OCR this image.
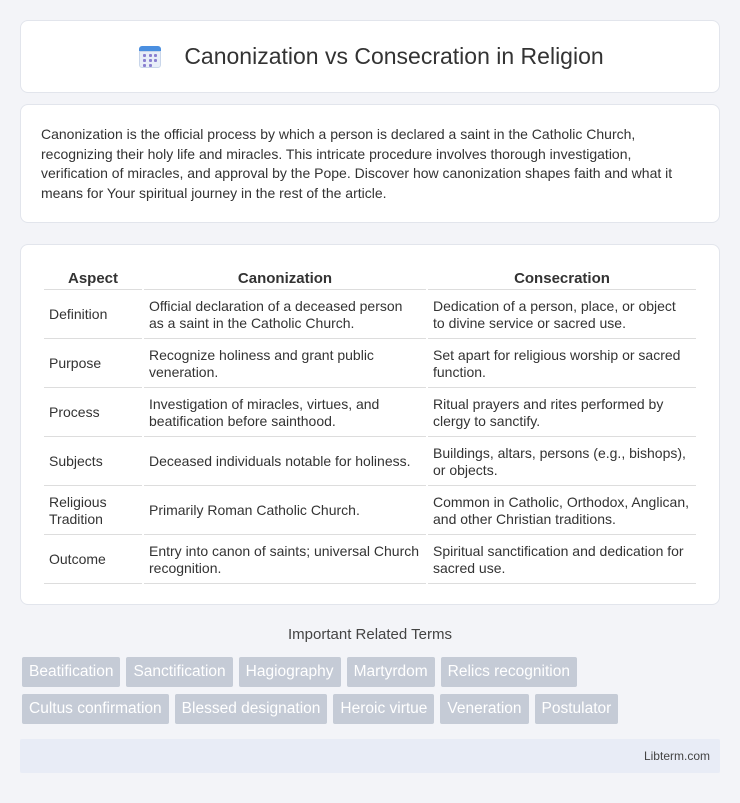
Canonization vs Consecration in Religion

Canonization is the official process by which a person is declared a saint in the Catholic Church, recognizing their holy life and miracles. This intricate procedure involves thorough investigation, verification of miracles, and approval by the Pope. Discover how canonization shapes faith and what it means for Your spiritual journey in the rest of the article.

Aspect	Canonization	Consecration
Definition	Official declaration of a deceased person as a saint in the Catholic Church.	Dedication of a person, place, or object to divine service or sacred use.
Purpose	Recognize holiness and grant public veneration.	Set apart for religious worship or sacred function.
Process	Investigation of miracles, virtues, and beatification before sainthood.	Ritual prayers and rites performed by clergy to sanctify.
Subjects	Deceased individuals notable for holiness.	Buildings, altars, persons (e.g., bishops), or objects.
Religious Tradition	Primarily Roman Catholic Church.	Common in Catholic, Orthodox, Anglican, and other Christian traditions.
Outcome	Entry into canon of saints; universal Church recognition.	Spiritual sanctification and dedication for sacred use.
Important Related Terms
Beatification	Sanctification	Hagiography	Martyrdom	Relics recognition
Cultus confirmation	Blessed designation	Heroic virtue	Veneration	Postulator
Libterm.com
